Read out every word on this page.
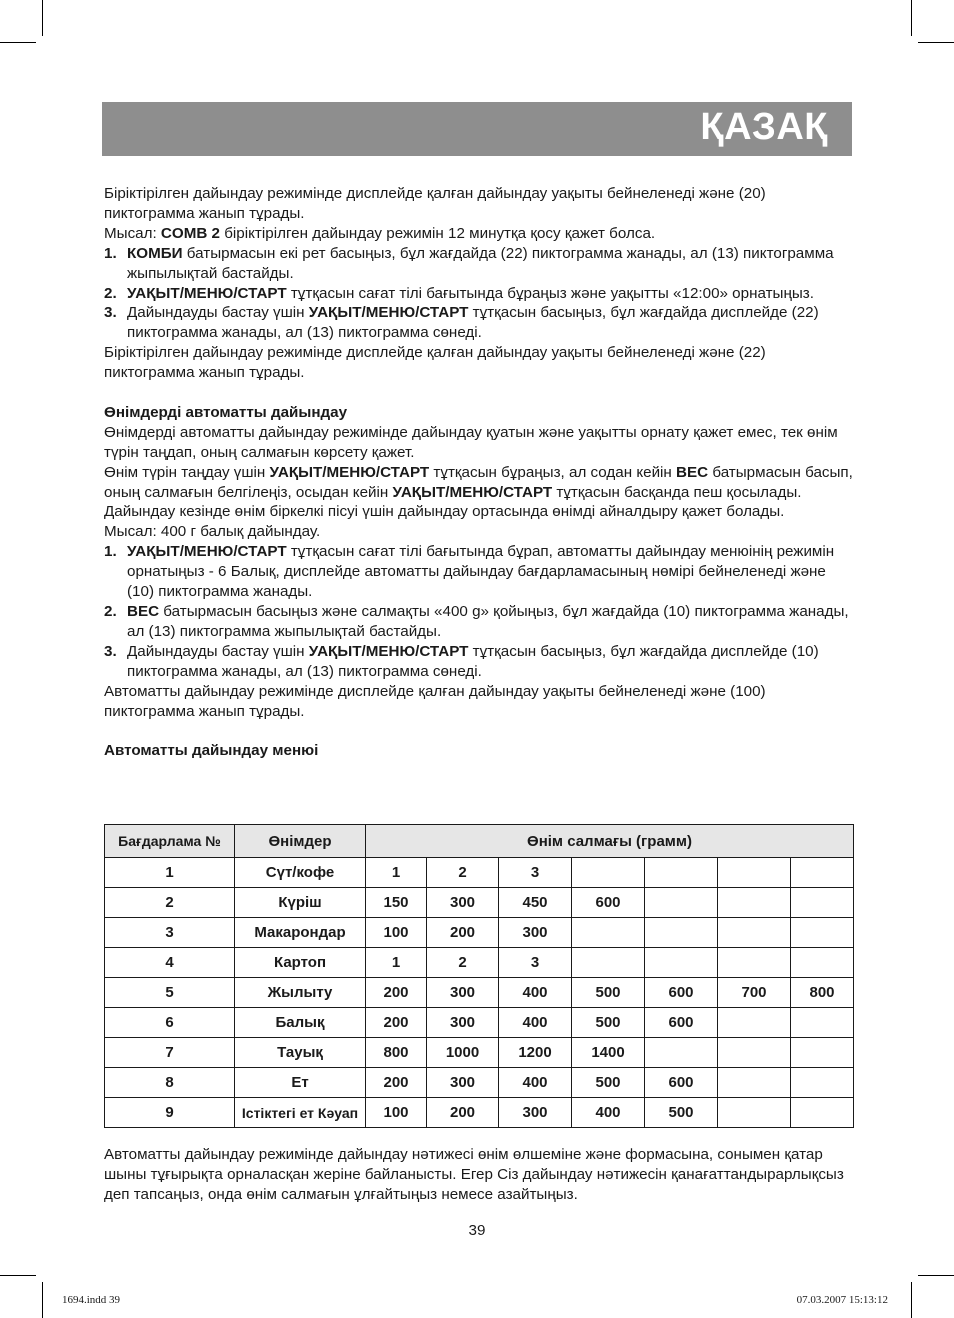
ҚАЗАҚ

Біріктірілген дайындау режимінде дисплейде қалған дайындау уақыты бейнеленеді және (20) пиктограмма жанып тұрады.

Мысал: COMB 2 біріктірілген дайындау режимін 12 минутқа қосу қажет болса.

1. КОМБИ батырмасын екі рет басыңыз, бұл жағдайда (22) пиктограмма жанады, ал (13) пиктограмма жыпылықтай бастайды.

2. УАҚЫТ/МЕНЮ/СТАРТ тұтқасын сағат тілі бағытында бұраңыз және уақытты «12:00» орнатыңыз.

3. Дайындауды бастау үшін УАҚЫТ/МЕНЮ/СТАРТ тұтқасын басыңыз, бұл жағдайда дисплейде (22) пиктограмма жанады, ал (13) пиктограмма сөнеді.

Біріктірілген дайындау режимінде дисплейде қалған дайындау уақыты бейнеленеді және (22) пиктограмма жанып тұрады.

Өнімдерді автоматты дайындау

Өнімдерді автоматты дайындау режимінде дайындау қуатын және уақытты орнату қажет емес, тек өнім түрін таңдап, оның салмағын көрсету қажет.

Өнім түрін таңдау үшін УАҚЫТ/МЕНЮ/СТАРТ тұтқасын бұраңыз, ал содан кейін ВЕС батырмасын басып, оның салмағын белгілеңіз, осыдан кейін УАҚЫТ/МЕНЮ/СТАРТ тұтқасын басқанда пеш қосылады.

Дайындау кезінде өнім біркелкі пісуі үшін дайындау ортасында өнімді айналдыру қажет болады.

Мысал: 400 г балық дайындау.

1. УАҚЫТ/МЕНЮ/СТАРТ тұтқасын сағат тілі бағытында бұрап, автоматты дайындау менюінің режимін орнатыңыз - 6 Балық, дисплейде автоматты дайындау бағдарламасының нөмірі бейнеленеді және (10) пиктограмма жанады.

2. ВЕС батырмасын басыңыз және салмақты «400 g» қойыңыз, бұл жағдайда (10) пиктограмма жанады, ал (13) пиктограмма жыпылықтай бастайды.

3. Дайындауды бастау үшін УАҚЫТ/МЕНЮ/СТАРТ тұтқасын басыңыз, бұл жағдайда дисплейде (10) пиктограмма жанады, ал (13) пиктограмма сөнеді.

Автоматты дайындау режимінде дисплейде қалған дайындау уақыты бейнеленеді және (100) пиктограмма жанып тұрады.

Автоматты дайындау менюі

Бағдарлама №	Өнімдер	Өнім салмағы (грамм)						
1	Сүт/кофе	1	2	3				
2	Күріш	150	300	450	600			
3	Макарондар	100	200	300				
4	Картоп	1	2	3				
5	Жылыту	200	300	400	500	600	700	800
6	Балық	200	300	400	500	600		
7	Тауық	800	1000	1200	1400			
8	Ет	200	300	400	500	600		
9	Істіктегі ет Кәуап	100	200	300	400	500		

Автоматты дайындау режимінде дайындау нәтижесі өнім өлшеміне және формасына, сонымен қатар шыны тұғырықта орналасқан жеріне байланысты. Егер Сіз дайындау нәтижесін қанағаттандырарлықсыз деп тапсаңыз, онда өнім салмағын ұлғайтыңыз немесе азайтыңыз.

39
1694.indd 39	07.03.2007 15:13:12
